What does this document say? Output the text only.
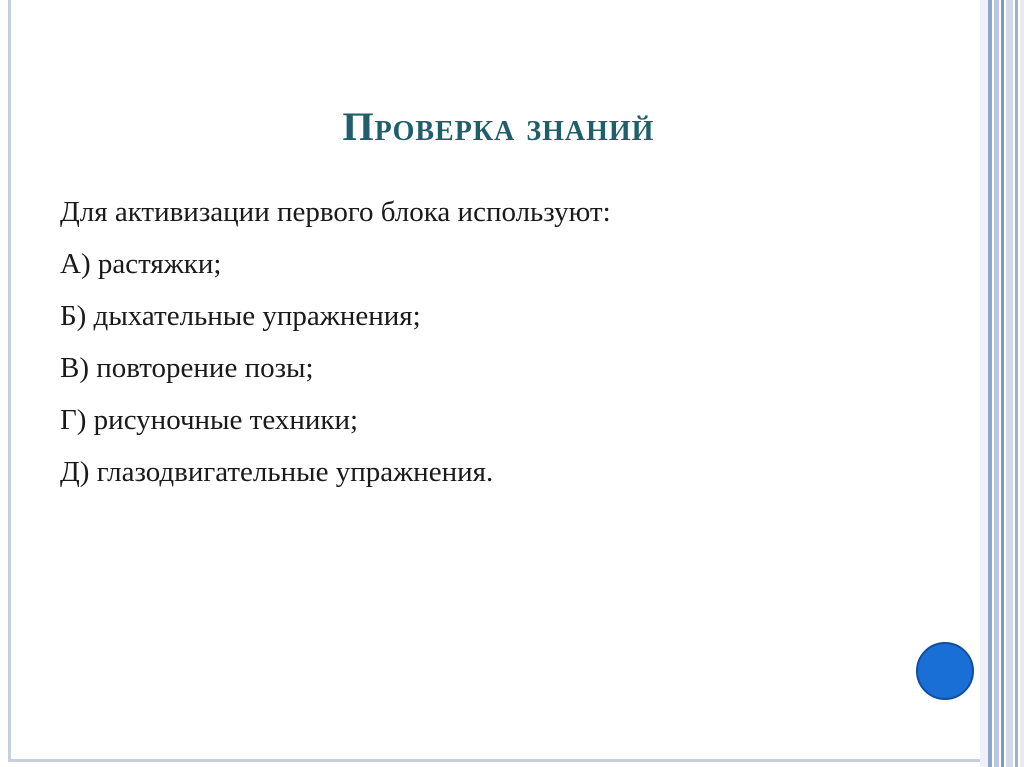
Проверка знаний
Для активизации первого блока используют:
А) растяжки;
Б) дыхательные упражнения;
В) повторение позы;
Г) рисуночные техники;
Д) глазодвигательные упражнения.
